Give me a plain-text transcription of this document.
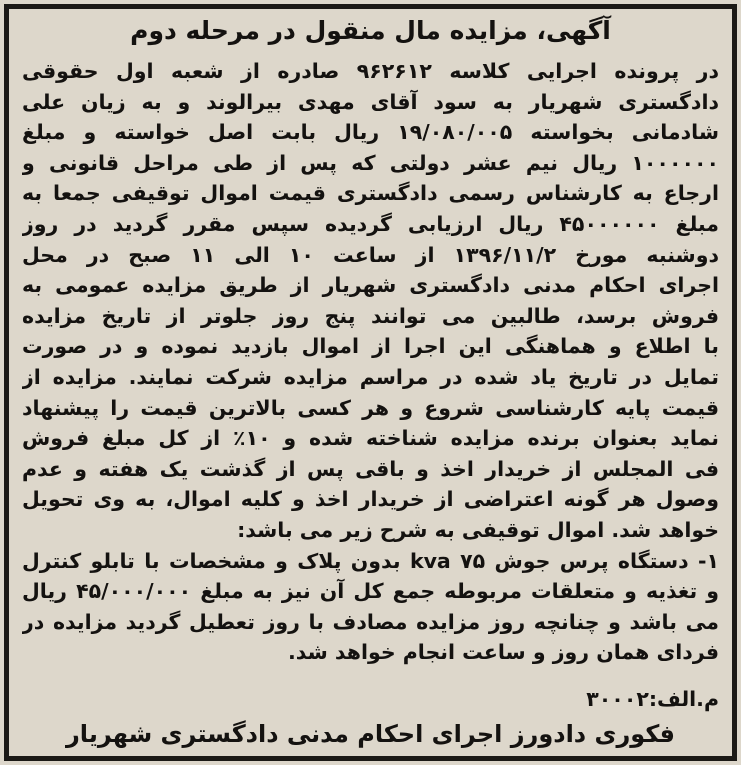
آگهی، مزایده مال منقول در مرحله دوم
در پرونده اجرایی کلاسه ۹۶۲۶۱۲ صادره از شعبه اول حقوقی
دادگستری شهریار به سود آقای مهدی بیرالوند و به زیان علی
شادمانی بخواسته ۱۹/۰۸۰/۰۰۵ ریال بابت اصل خواسته و مبلغ
۱۰۰۰۰۰۰ ریال نیم عشر دولتی که پس از طی مراحل قانونی و
ارجاع به کارشناس رسمی دادگستری قیمت اموال توقیفی جمعا به
مبلغ ۴۵۰۰۰۰۰۰ ریال ارزیابی گردیده سپس مقرر گردید در روز
دوشنبه مورخ ۱۳۹۶/۱۱/۲ از ساعت ۱۰ الی ۱۱ صبح در محل
اجرای احکام مدنی دادگستری شهریار از طریق مزایده عمومی به
فروش برسد، طالبین می توانند پنج روز جلوتر از تاریخ مزایده
با اطلاع و هماهنگی این اجرا از اموال بازدید نموده و در صورت
تمایل در تاریخ یاد شده در مراسم مزایده شرکت نمایند. مزایده از
قیمت پایه کارشناسی شروع و هر کسی بالاترین قیمت را پیشنهاد
نماید بعنوان برنده مزایده شناخته شده و ۱۰٪ از کل مبلغ فروش
فی المجلس از خریدار اخذ و باقی پس از گذشت یک هفته و عدم
وصول هر گونه اعتراضی از خریدار اخذ و کلیه اموال، به وی تحویل
خواهد شد. اموال توقیفی به شرح زیر می باشد:
۱- دستگاه پرس جوش ۷۵ kva بدون پلاک و مشخصات با تابلو کنترل
و تغذیه و متعلقات مربوطه جمع کل آن نیز به مبلغ ۴۵/۰۰۰/۰۰۰ ریال
می باشد و چنانچه روز مزایده مصادف با روز تعطیل گردید مزایده در
فردای همان روز و ساعت انجام خواهد شد.
م.الف:۳۰۰۰۲
فکوری دادورز اجرای احکام مدنی دادگستری شهریار
